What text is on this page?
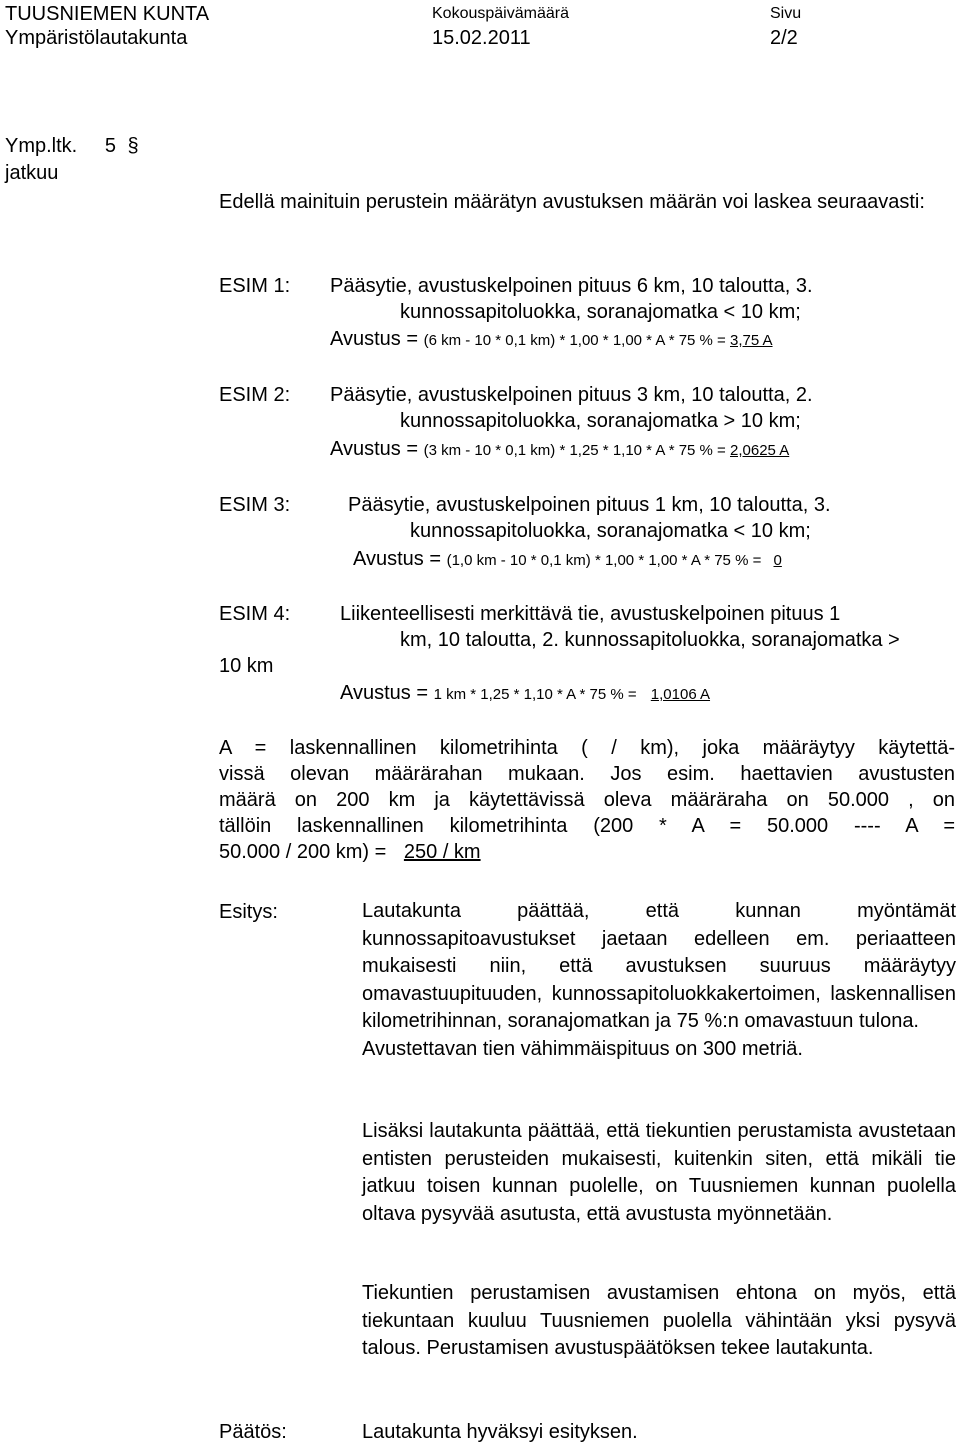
TUUSNIEMEN KUNTA
Ympäristölautakunta
Kokouspäivämäärä
15.02.2011
Sivu
2/2
Ymp.ltk. 5 §
jatkuu
Edellä mainituin perustein määrätyn avustuksen määrän voi laskea seuraavasti:
ESIM 1: Pääsytie, avustuskelpoinen pituus 6 km, 10 taloutta, 3.
kunnossapitoluokka, soranajomatka < 10 km;
Avustus = (6 km - 10 * 0,1 km) * 1,00 * 1,00 * A * 75 % = 3,75 A
ESIM 2: Pääsytie, avustuskelpoinen pituus 3 km, 10 taloutta, 2.
kunnossapitoluokka, soranajomatka > 10 km;
Avustus = (3 km - 10 * 0,1 km) * 1,25 * 1,10 * A * 75 % = 2,0625 A
ESIM 3:	Pääsytie, avustuskelpoinen pituus 1 km, 10 taloutta, 3.
kunnossapitoluokka, soranajomatka < 10 km;
Avustus = (1,0 km - 10 * 0,1 km) * 1,00 * 1,00 * A * 75 % = 0
ESIM 4: Liikenteellisesti merkittävä tie, avustuskelpoinen pituus 1
km, 10 taloutta, 2. kunnossapitoluokka, soranajomatka >
10 km
Avustus = 1 km * 1,25 * 1,10 * A * 75 % = 1,0106 A
A = laskennallinen kilometrihinta ( / km), joka määräytyy käytettä-
vissä olevan määrärahan mukaan. Jos esim. haettavien avustusten
määrä on 200 km ja käytettävissä oleva määräraha on 50.000 , on
tällöin laskennallinen kilometrihinta (200 * A = 50.000 ---- A =
50.000 / 200 km) = 250 / km
Esitys:	Lautakunta päättää, että kunnan myöntämät kunnossapitoavustukset jaetaan edelleen em. periaatteen mukaisesti niin, että avustuksen suuruus määräytyy omavastuupituuden, kunnossapitoluokkakertoimen, laskennallisen kilometrihinnan, soranajomatkan ja 75 %:n omavastuun tulona.

Avustettavan tien vähimmäispituus on 300 metriä.

Lisäksi lautakunta päättää, että tiekuntien perustamista avustetaan entisten perusteiden mukaisesti, kuitenkin siten, että mikäli tie jatkuu toisen kunnan puolelle, on Tuusniemen kunnan puolella oltava pysyvää asutusta, että avustusta myönnetään.
Tiekuntien perustamisen avustamisen ehtona on myös, että tiekuntaan kuuluu Tuusniemen puolella vähintään yksi pysyvä talous. Perustamisen avustuspäätöksen tekee lautakunta.
Päätös:	Lautakunta hyväksyi esityksen.
